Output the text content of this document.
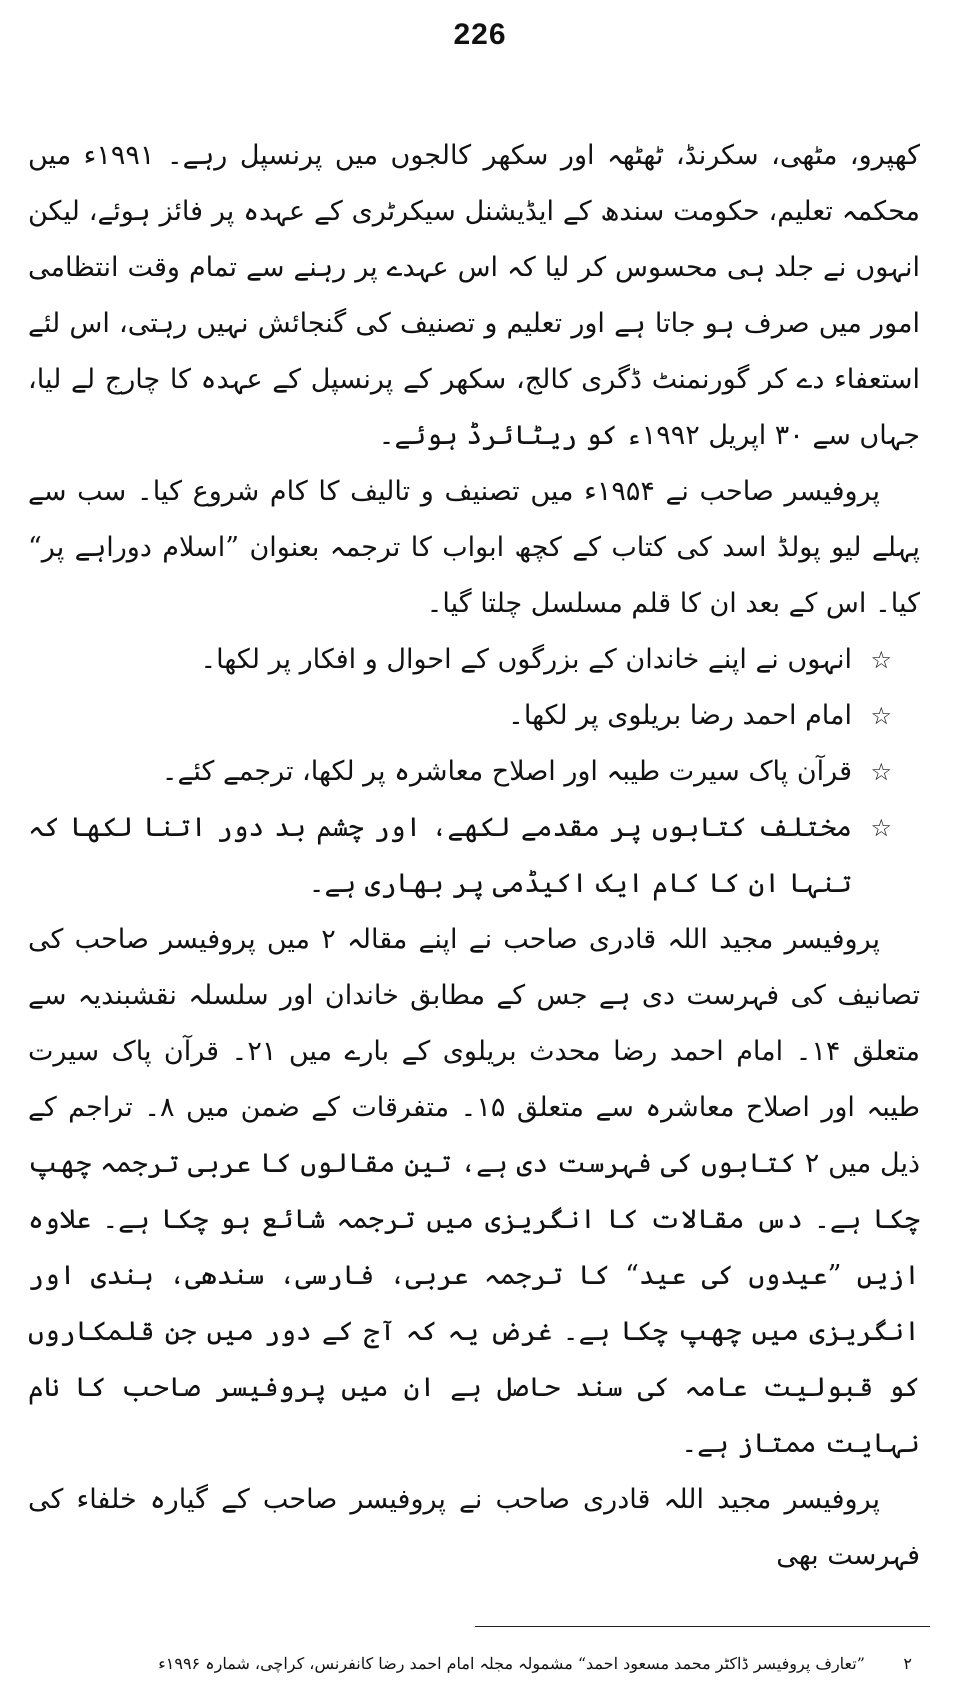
226

کھپرو، مٹھی، سکرنڈ، ٹھٹھہ اور سکھر کالجوں میں پرنسپل رہے۔ ۱۹۹۱ء میں محکمہ تعلیم، حکومت سندھ کے ایڈیشنل سیکرٹری کے عہدہ پر فائز ہوئے، لیکن انہوں نے جلد ہی محسوس کر لیا کہ اس عہدے پر رہنے سے تمام وقت انتظامی امور میں صرف ہو جاتا ہے اور تعلیم و تصنیف کی گنجائش نہیں رہتی، اس لئے استعفاء دے کر گورنمنٹ ڈگری کالج، سکھر کے پرنسپل کے عہدہ کا چارج لے لیا، جہاں سے ۳۰ اپریل ۱۹۹۲ء کو ریٹائرڈ ہوئے۔

پروفیسر صاحب نے ۱۹۵۴ء میں تصنیف و تالیف کا کام شروع کیا۔ سب سے پہلے لیو پولڈ اسد کی کتاب کے کچھ ابواب کا ترجمہ بعنوان ”اسلام دوراہے پر“ کیا۔ اس کے بعد ان کا قلم مسلسل چلتا گیا۔

☆
انہوں نے اپنے خاندان کے بزرگوں کے احوال و افکار پر لکھا۔
☆
امام احمد رضا بریلوی پر لکھا۔
☆
قرآن پاک سیرت طیبہ اور اصلاح معاشرہ پر لکھا، ترجمے کئے۔
☆
مختلف کتابوں پر مقدمے لکھے، اور چشم بد دور اتنا لکھا کہ تنہا ان کا کام ایک اکیڈمی پر بھاری ہے۔

پروفیسر مجید اللہ قادری صاحب نے اپنے مقالہ ۲ میں پروفیسر صاحب کی تصانیف کی فہرست دی ہے جس کے مطابق خاندان اور سلسلہ نقشبندیہ سے متعلق ۱۴۔ امام احمد رضا محدث بریلوی کے بارے میں ۲۱۔ قرآن پاک سیرت طیبہ اور اصلاح معاشرہ سے متعلق ۱۵۔ متفرقات کے ضمن میں ۸۔ تراجم کے ذیل میں ۲ کتابوں کی فہرست دی ہے، تین مقالوں کا عربی ترجمہ چھپ چکا ہے۔ دس مقالات کا انگریزی میں ترجمہ شائع ہو چکا ہے۔ علاوہ ازیں ”عیدوں کی عید“ کا ترجمہ عربی، فارسی، سندھی، ہندی اور انگریزی میں چھپ چکا ہے۔ غرض یہ کہ آج کے دور میں جن قلمکاروں کو قبولیت عامہ کی سند حاصل ہے ان میں پروفیسر صاحب کا نام نہایت ممتاز ہے۔

پروفیسر مجید اللہ قادری صاحب نے پروفیسر صاحب کے گیارہ خلفاء کی فہرست بھی

۲ ”تعارف پروفیسر ڈاکٹر محمد مسعود احمد“ مشمولہ مجلہ امام احمد رضا کانفرنس، کراچی، شمارہ ۱۹۹۶ء
